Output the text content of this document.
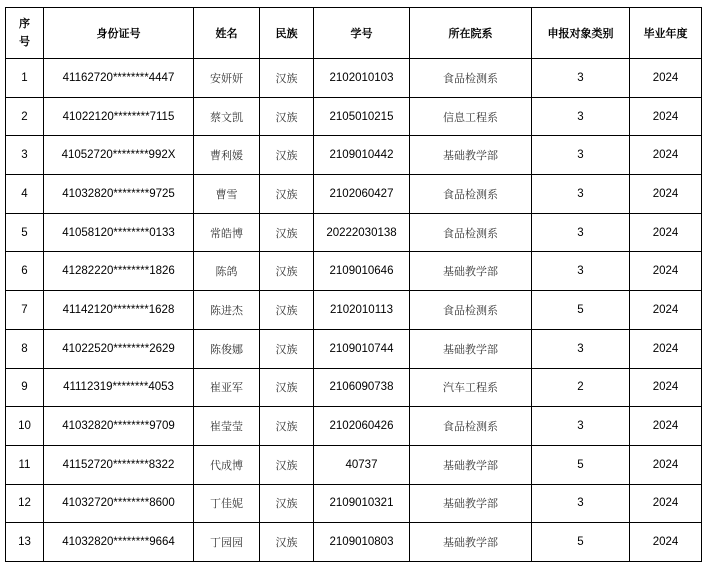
序
号	身份证号	姓名	民族	学号	所在院系	申报对象类别	毕业年度
1	41162720********4447	安妍妍	汉族	2102010103	食品检测系	3	2024
2	41022120********7115	蔡文凯	汉族	2105010215	信息工程系	3	2024
3	41052720********992X	曹利媛	汉族	2109010442	基础教学部	3	2024
4	41032820********9725	曹雪	汉族	2102060427	食品检测系	3	2024
5	41058120********0133	常皓博	汉族	20222030138	食品检测系	3	2024
6	41282220********1826	陈鸽	汉族	2109010646	基础教学部	3	2024
7	41142120********1628	陈进杰	汉族	2102010113	食品检测系	5	2024
8	41022520********2629	陈俊娜	汉族	2109010744	基础教学部	3	2024
9	41112319********4053	崔亚军	汉族	2106090738	汽车工程系	2	2024
10	41032820********9709	崔莹莹	汉族	2102060426	食品检测系	3	2024
11	41152720********8322	代成博	汉族	40737	基础教学部	5	2024
12	41032720********8600	丁佳妮	汉族	2109010321	基础教学部	3	2024
13	41032820********9664	丁园园	汉族	2109010803	基础教学部	5	2024
